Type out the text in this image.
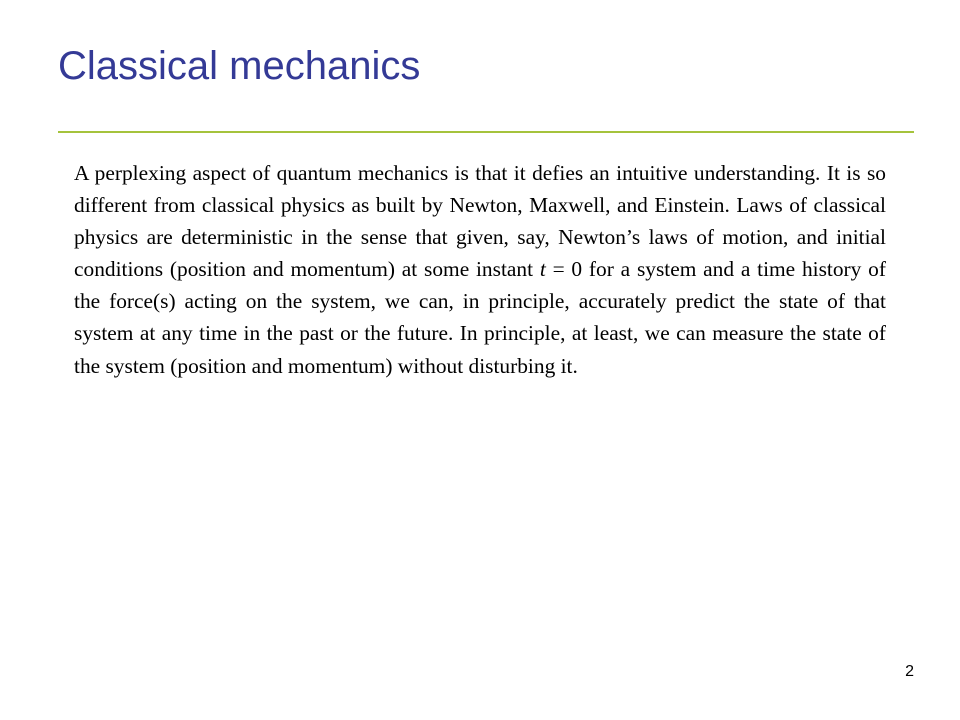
Classical mechanics

A perplexing aspect of quantum mechanics is that it defies an intuitive understanding. It is so different from classical physics as built by Newton, Maxwell, and Einstein. Laws of classical physics are deterministic in the sense that given, say, Newton’s laws of motion, and initial conditions (position and momentum) at some instant t = 0 for a system and a time history of the force(s) acting on the system, we can, in principle, accurately predict the state of that system at any time in the past or the future. In principle, at least, we can measure the state of the system (position and momentum) without disturbing it.

2
